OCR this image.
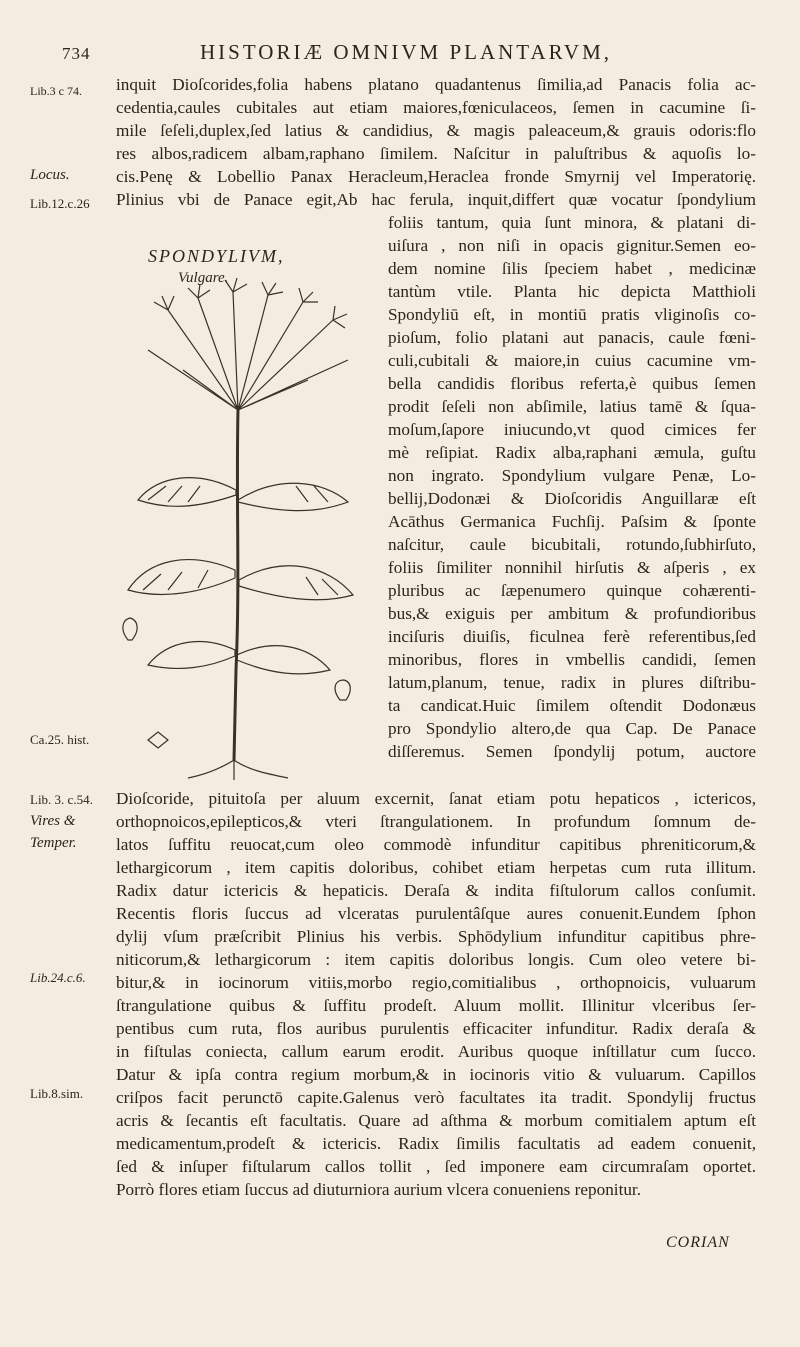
734	HISTORIÆ OMNIVM PLANTARVM,
Lib.3 c 74.
Locus.
Lib.12.c.26
Ca.25. hist.
Lib. 3. c.54.
Vires &
Temper.
Lib.24.c.6.
Lib.8.sim.
SPONDYLIVM,
Vulgare.
inquit Dioſcorides,folia habens platano quadantenus ſimilia,ad Panacis folia ac-
cedentia,caules cubitales aut etiam maiores,fœniculaceos, ſemen in cacumine ſi-
mile ſeſeli,duplex,ſed latius & candidius, & magis paleaceum,& grauis odoris:flo
res albos,radicem albam,raphano ſimilem. Naſcitur in paluſtribus & aquoſis lo-
cis.Penę & Lobellio Panax Heracleum,Heraclea fronde Smyrnij vel Imperatorię.
Plinius vbi de Panace egit,Ab hac ferula, inquit,differt quæ vocatur ſpondylium
foliis tantum, quia ſunt minora, & platani di-
uiſura , non niſi in opacis gignitur.Semen eo-
dem nomine ſilis ſpeciem habet , medicinæ
tantùm vtile. Planta hic depicta Matthioli
Spondyliū eſt, in montiū pratis vliginoſis co-
pioſum, folio platani aut panacis, caule fœni-
culi,cubitali & maiore,in cuius cacumine vm-
bella candidis floribus referta,è quibus ſemen
prodit ſeſeli non abſimile, latius tamē & ſqua-
moſum,ſapore iniucundo,vt quod cimices fer
mè reſipiat. Radix alba,raphani æmula, guſtu
non ingrato. Spondylium vulgare Penæ, Lo-
bellij,Dodonæi & Dioſcoridis Anguillaræ eſt
Acāthus Germanica Fuchſij. Paſsim & ſponte
naſcitur, caule bicubitali, rotundo,ſubhirſuto,
foliis ſimiliter nonnihil hirſutis & aſperis , ex
pluribus ac ſæpenumero quinque cohærenti-
bus,& exiguis per ambitum & profundioribus
inciſuris diuiſis, ficulnea ferè referentibus,ſed
minoribus, flores in vmbellis candidi, ſemen
latum,planum, tenue, radix in plures diſtribu-
ta candicat.Huic ſimilem oſtendit Dodonæus
pro Spondylio altero,de qua Cap. De Panace
diſſeremus. Semen ſpondylij potum, auctore
Dioſcoride, pituitoſa per aluum excernit, ſanat etiam potu hepaticos , ictericos,
orthopnoicos,epilepticos,& vteri ſtrangulationem. In profundum ſomnum de-
latos ſuffitu reuocat,cum oleo commodè infunditur capitibus phreniticorum,&
lethargicorum , item capitis doloribus, cohibet etiam herpetas cum ruta illitum.
Radix datur ictericis & hepaticis. Deraſa & indita fiſtulorum callos conſumit.
Recentis floris ſuccus ad vlceratas purulentâſque aures conuenit.Eundem ſphon
dylij vſum præſcribit Plinius his verbis. Sphōdylium infunditur capitibus phre-
niticorum,& lethargicorum : item capitis doloribus longis. Cum oleo vetere bi-
bitur,& in iocinorum vitiis,morbo regio,comitialibus , orthopnoicis, vuluarum
ſtrangulatione quibus & ſuffitu prodeſt. Aluum mollit. Illinitur vlceribus ſer-
pentibus cum ruta, flos auribus purulentis efficaciter infunditur. Radix deraſa &
in fiſtulas coniecta, callum earum erodit. Auribus quoque inſtillatur cum ſucco.
Datur & ipſa contra regium morbum,& in iocinoris vitio & vuluarum. Capillos
criſpos facit perunctō capite.Galenus verò facultates ita tradit. Spondylij fructus
acris & ſecantis eſt facultatis. Quare ad aſthma & morbum comitialem aptum eſt
medicamentum,prodeſt & ictericis. Radix ſimilis facultatis ad eadem conuenit,
ſed & inſuper fiſtularum callos tollit , ſed imponere eam circumraſam oportet.
Porrò flores etiam ſuccus ad diuturniora aurium vlcera conueniens reponitur.
CORIAN
